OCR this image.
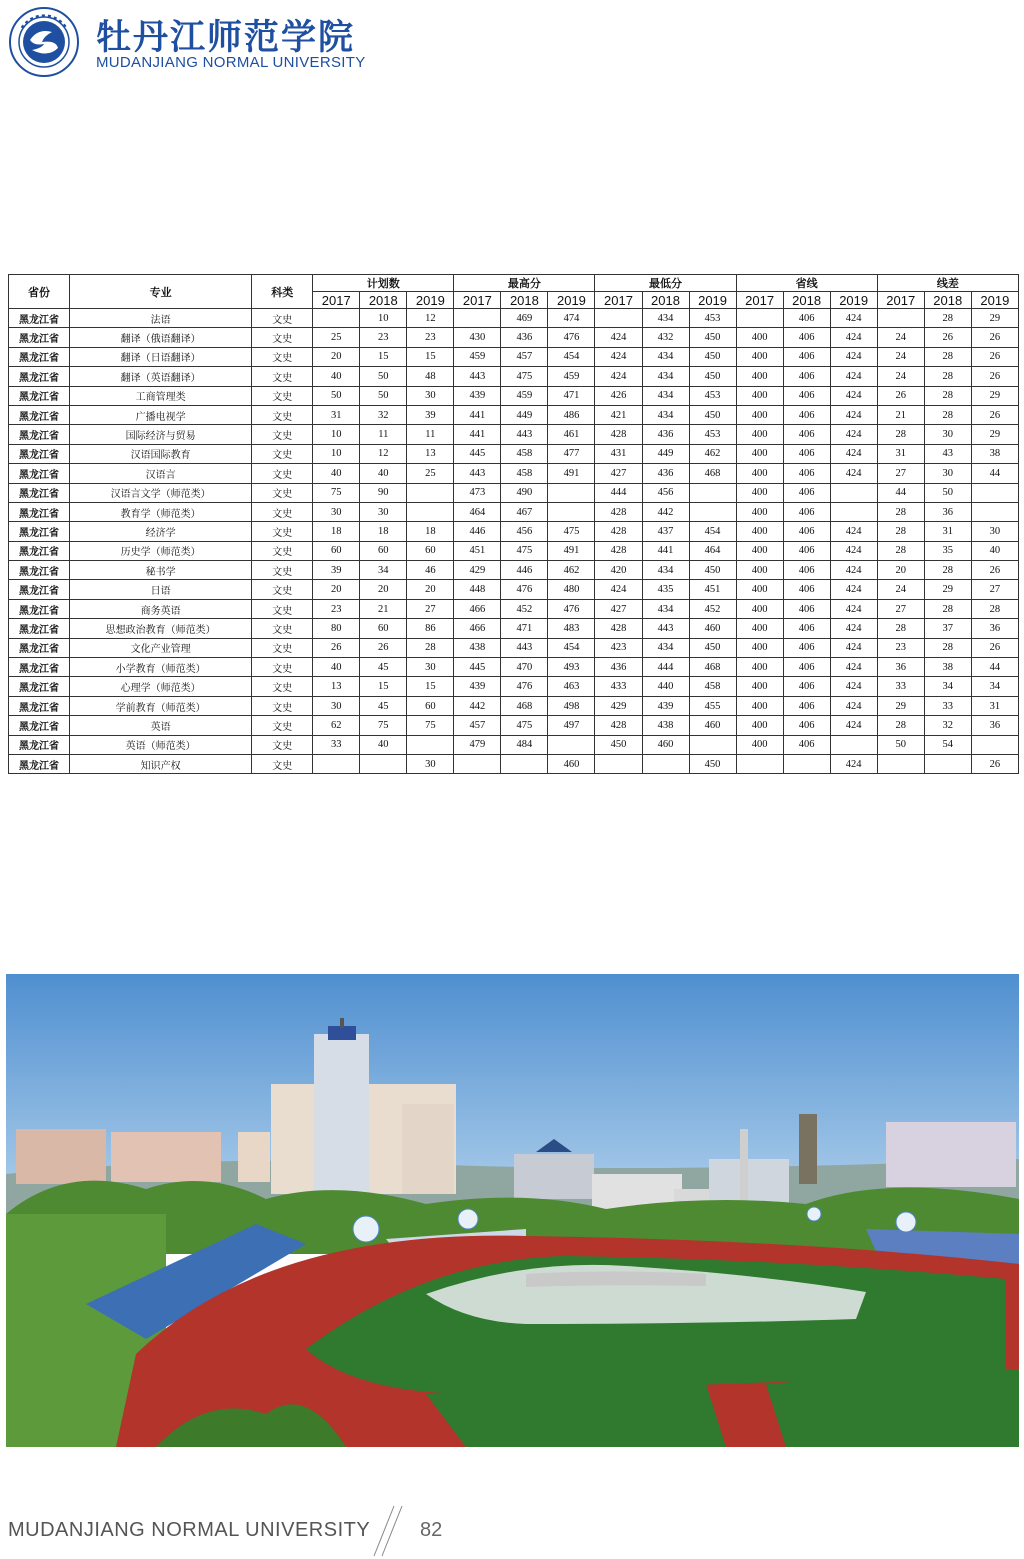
牡丹江师范学院
MUDANJIANG NORMAL UNIVERSITY
省份	专业	科类	计划数			最高分			最低分			省线			线差		
			2017	2018	2019	2017	2018	2019	2017	2018	2019	2017	2018	2019	2017	2018	2019
黑龙江省	法语	文史		10	12		469	474		434	453		406	424		28	29
黑龙江省	翻译（俄语翻译）	文史	25	23	23	430	436	476	424	432	450	400	406	424	24	26	26
黑龙江省	翻译（日语翻译）	文史	20	15	15	459	457	454	424	434	450	400	406	424	24	28	26
黑龙江省	翻译（英语翻译）	文史	40	50	48	443	475	459	424	434	450	400	406	424	24	28	26
黑龙江省	工商管理类	文史	50	50	30	439	459	471	426	434	453	400	406	424	26	28	29
黑龙江省	广播电视学	文史	31	32	39	441	449	486	421	434	450	400	406	424	21	28	26
黑龙江省	国际经济与贸易	文史	10	11	11	441	443	461	428	436	453	400	406	424	28	30	29
黑龙江省	汉语国际教育	文史	10	12	13	445	458	477	431	449	462	400	406	424	31	43	38
黑龙江省	汉语言	文史	40	40	25	443	458	491	427	436	468	400	406	424	27	30	44
黑龙江省	汉语言文学（师范类）	文史	75	90		473	490		444	456		400	406		44	50	
黑龙江省	教育学（师范类）	文史	30	30		464	467		428	442		400	406		28	36	
黑龙江省	经济学	文史	18	18	18	446	456	475	428	437	454	400	406	424	28	31	30
黑龙江省	历史学（师范类）	文史	60	60	60	451	475	491	428	441	464	400	406	424	28	35	40
黑龙江省	秘书学	文史	39	34	46	429	446	462	420	434	450	400	406	424	20	28	26
黑龙江省	日语	文史	20	20	20	448	476	480	424	435	451	400	406	424	24	29	27
黑龙江省	商务英语	文史	23	21	27	466	452	476	427	434	452	400	406	424	27	28	28
黑龙江省	思想政治教育（师范类）	文史	80	60	86	466	471	483	428	443	460	400	406	424	28	37	36
黑龙江省	文化产业管理	文史	26	26	28	438	443	454	423	434	450	400	406	424	23	28	26
黑龙江省	小学教育（师范类）	文史	40	45	30	445	470	493	436	444	468	400	406	424	36	38	44
黑龙江省	心理学（师范类）	文史	13	15	15	439	476	463	433	440	458	400	406	424	33	34	34
黑龙江省	学前教育（师范类）	文史	30	45	60	442	468	498	429	439	455	400	406	424	29	33	31
黑龙江省	英语	文史	62	75	75	457	475	497	428	438	460	400	406	424	28	32	36
黑龙江省	英语（师范类）	文史	33	40		479	484		450	460		400	406		50	54	
黑龙江省	知识产权	文史			30			460			450			424			26
MUDANJIANG NORMAL UNIVERSITY 82
